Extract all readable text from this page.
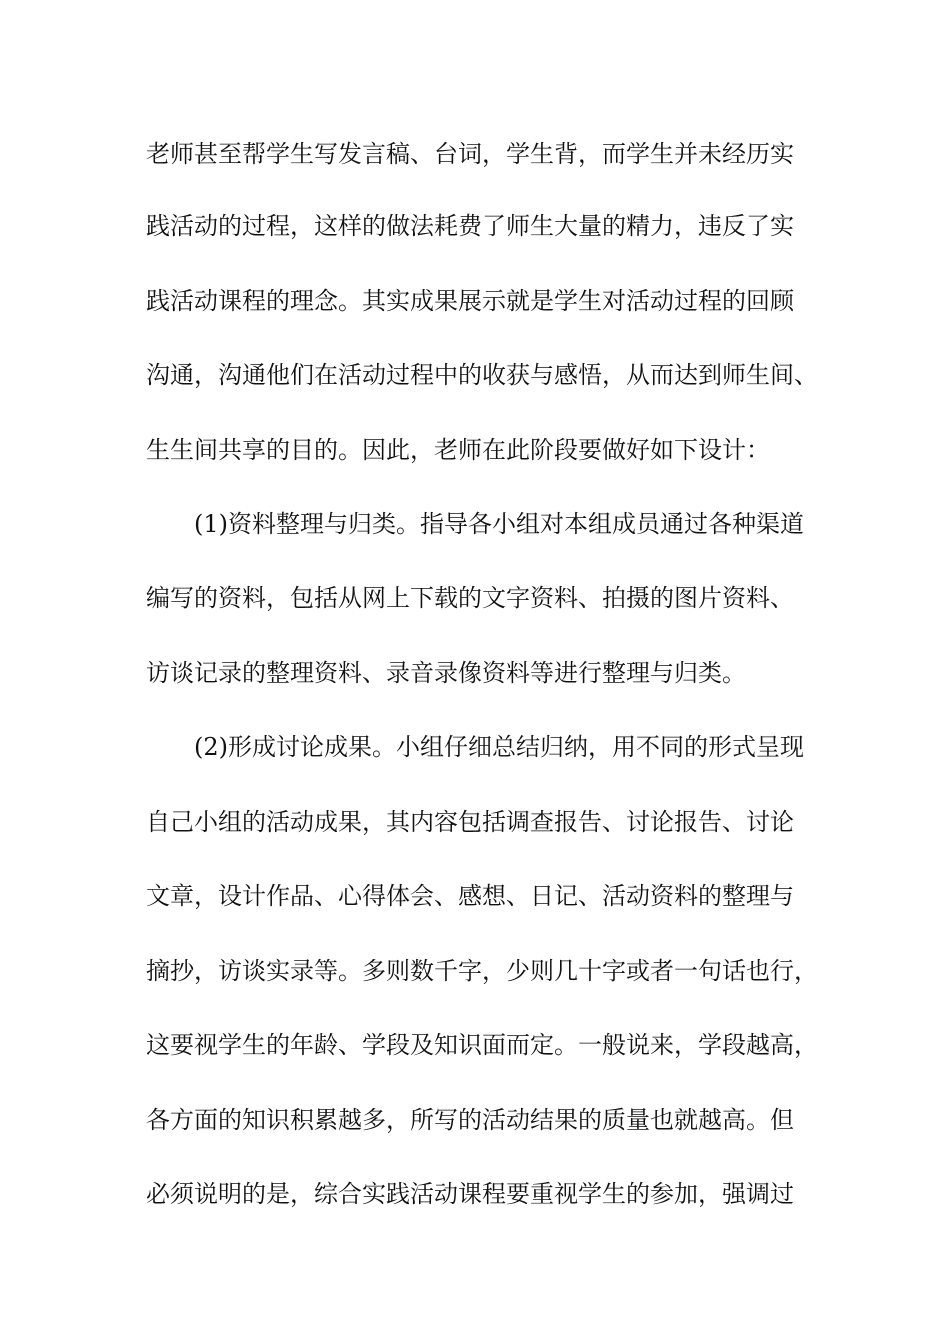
老师甚至帮学生写发言稿、台词，学生背，而学生并未经历实
践活动的过程，这样的做法耗费了师生大量的精力，违反了实
践活动课程的理念。其实成果展示就是学生对活动过程的回顾
沟通，沟通他们在活动过程中的收获与感悟，从而达到师生间、
生生间共享的目的。因此，老师在此阶段要做好如下设计：
(1)资料整理与归类。指导各小组对本组成员通过各种渠道
编写的资料，包括从网上下载的文字资料、拍摄的图片资料、
访谈记录的整理资料、录音录像资料等进行整理与归类。
(2)形成讨论成果。小组仔细总结归纳，用不同的形式呈现
自己小组的活动成果，其内容包括调查报告、讨论报告、讨论
文章，设计作品、心得体会、感想、日记、活动资料的整理与
摘抄，访谈实录等。多则数千字，少则几十字或者一句话也行，
这要视学生的年龄、学段及知识面而定。一般说来，学段越高，
各方面的知识积累越多，所写的活动结果的质量也就越高。但
必须说明的是，综合实践活动课程要重视学生的参加，强调过
